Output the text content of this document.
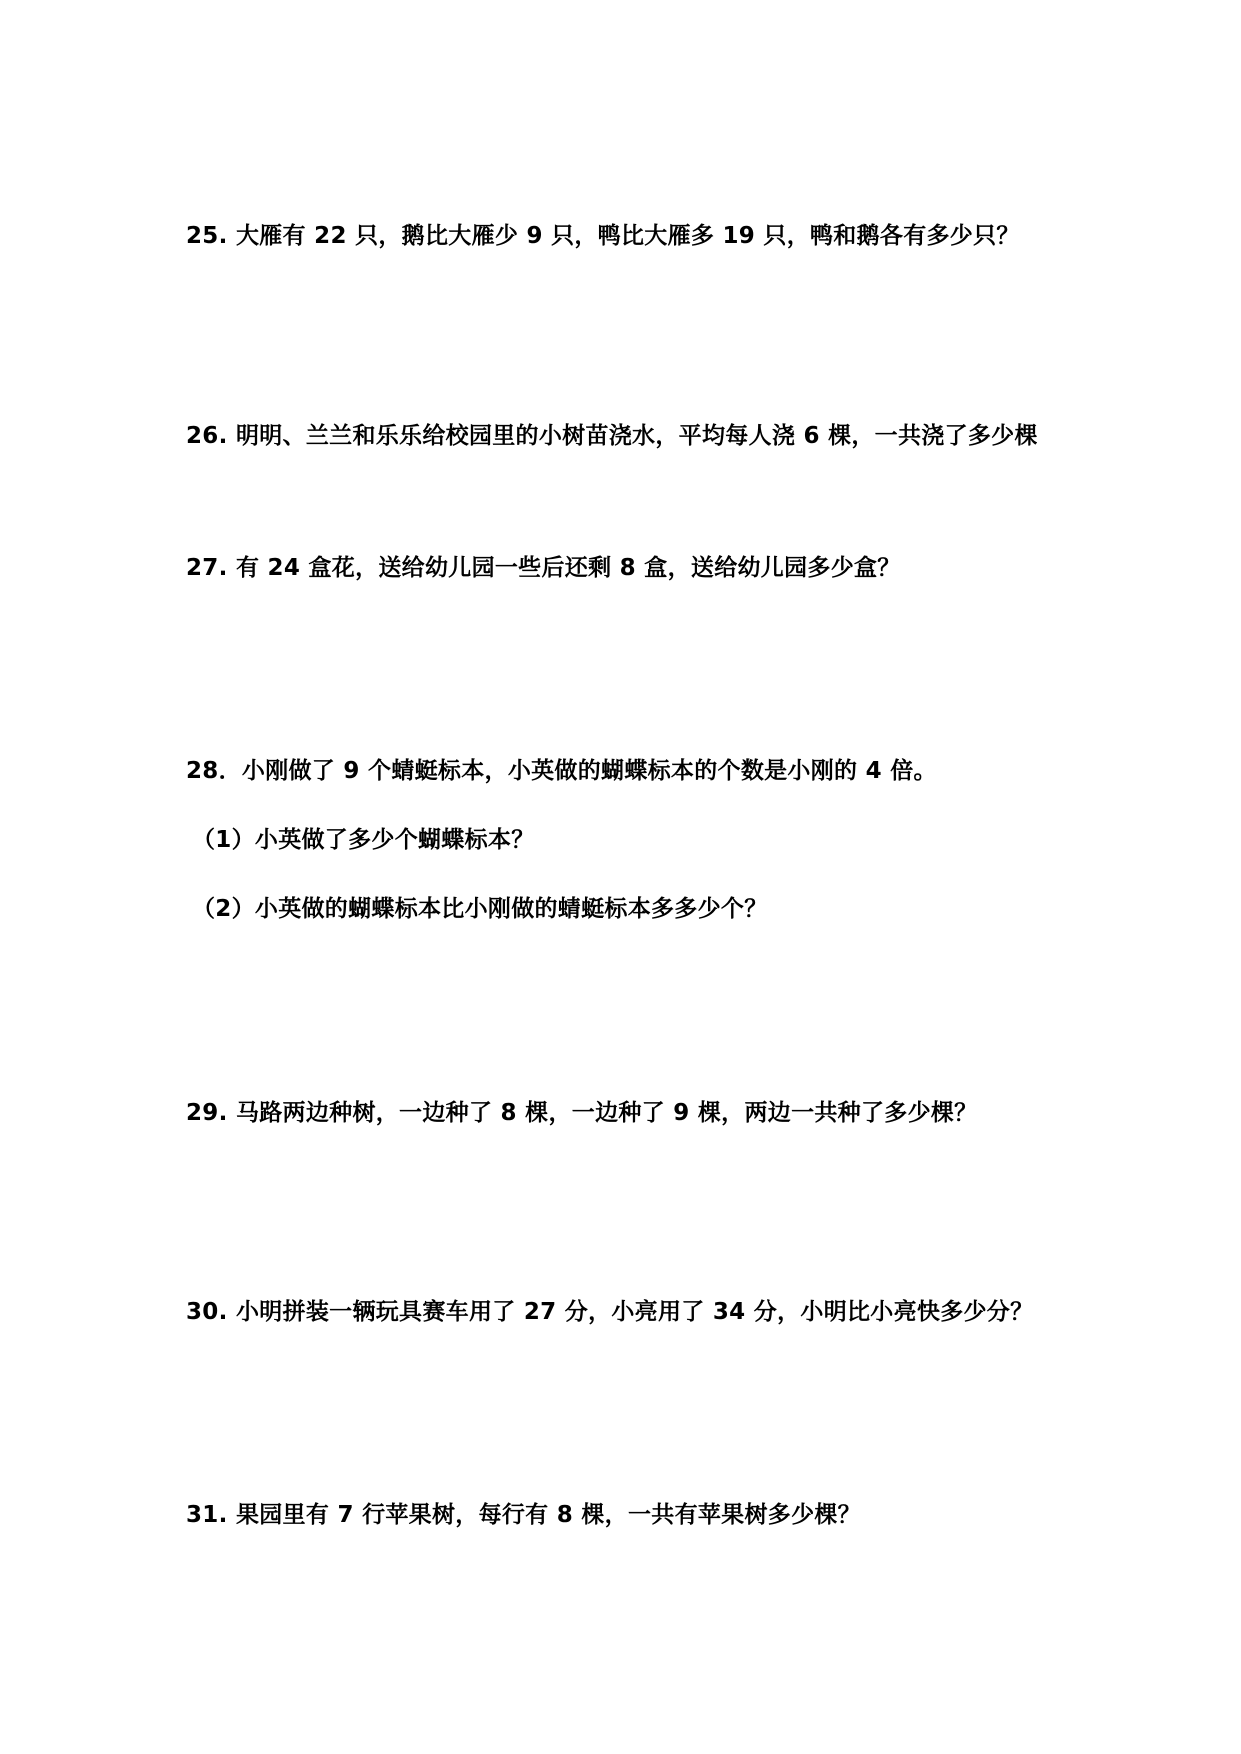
25. 大雁有 22 只，鹅比大雁少 9 只，鸭比大雁多 19 只，鸭和鹅各有多少只？
26. 明明、兰兰和乐乐给校园里的小树苗浇水，平均每人浇 6 棵，一共浇了多少棵
27. 有 24 盒花，送给幼儿园一些后还剩 8 盒，送给幼儿园多少盒？
28．小刚做了 9 个蜻蜓标本，小英做的蝴蝶标本的个数是小刚的 4 倍。
（1）小英做了多少个蝴蝶标本？
（2）小英做的蝴蝶标本比小刚做的蜻蜓标本多多少个？
29. 马路两边种树，一边种了 8 棵，一边种了 9 棵，两边一共种了多少棵？
30. 小明拼装一辆玩具赛车用了 27 分，小亮用了 34 分，小明比小亮快多少分？
31. 果园里有 7 行苹果树，每行有 8 棵，一共有苹果树多少棵？
